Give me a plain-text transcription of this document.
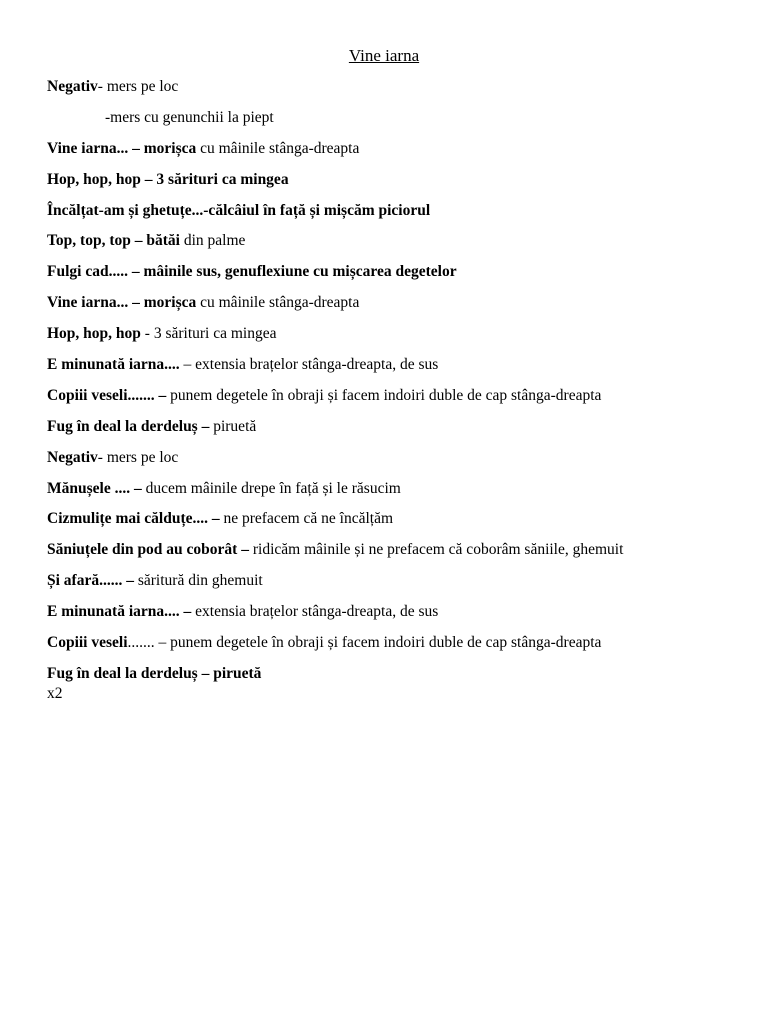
Vine iarna
Negativ- mers pe loc
-mers cu genunchii la piept
Vine iarna... – morișca cu mâinile stânga-dreapta
Hop, hop, hop – 3 sărituri ca mingea
Încălțat-am și ghetuțe...-călcâiul în față și mișcăm piciorul
Top, top, top – bătăi din palme
Fulgi cad..... – mâinile sus, genuflexiune cu mișcarea degetelor
Vine iarna... – morișca cu mâinile stânga-dreapta
Hop, hop, hop - 3 sărituri ca mingea
E minunată iarna.... – extensia brațelor stânga-dreapta, de sus
Copiii veseli....... – punem degetele în obraji și facem indoiri duble de cap stânga-dreapta
Fug în deal la derdeluș – piruetă
Negativ- mers pe loc
Mănușele .... – ducem mâinile drepe în față și le răsucim
Cizmulițe mai călduțe.... – ne prefacem că ne încălțăm
Săniuțele din pod au coborât – ridicăm mâinile și ne prefacem că coborâm săniile, ghemuit
Și afară...... – săritură din ghemuit
E minunată iarna.... – extensia brațelor stânga-dreapta, de sus
Copiii veseli....... – punem degetele în obraji și facem indoiri duble de cap stânga-dreapta
Fug în deal la derdeluș – piruetă
x2
